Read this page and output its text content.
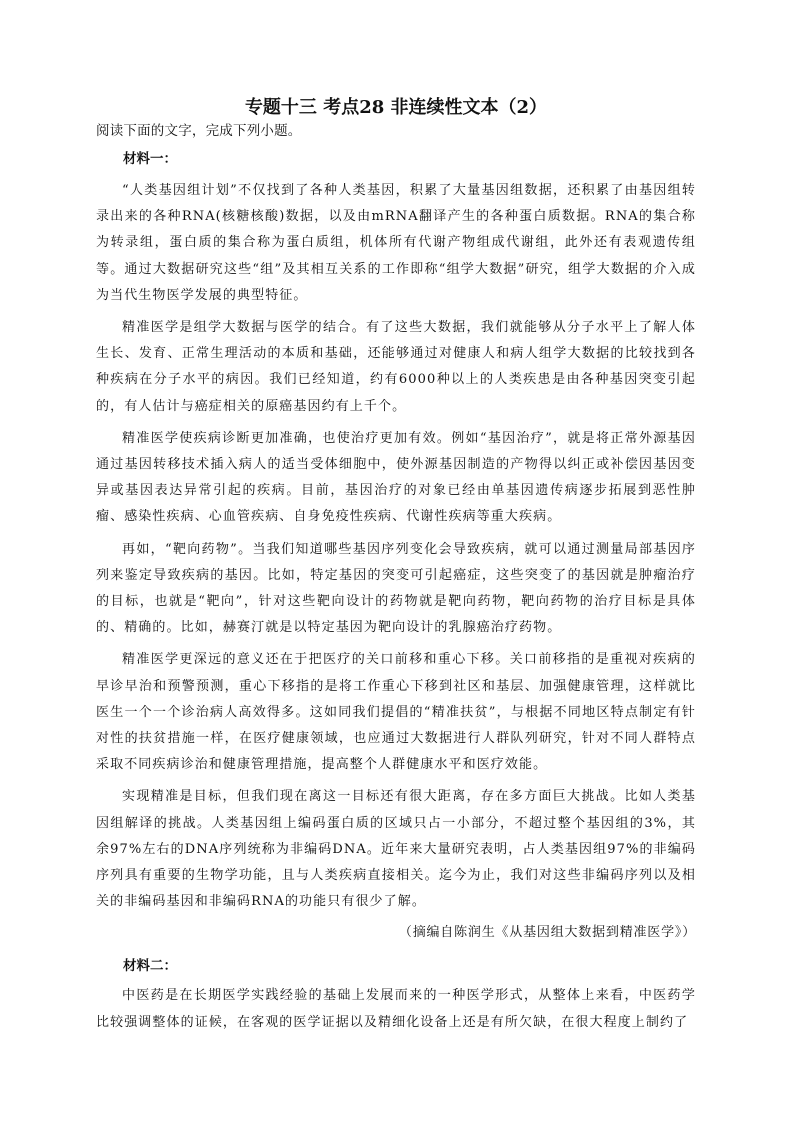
专题十三 考点28 非连续性文本（2）

阅读下面的文字，完成下列小题。

材料一：

“人类基因组计划”不仅找到了各种人类基因，积累了大量基因组数据，还积累了由基因组转录出来的各种RNA(核糖核酸)数据，以及由mRNA翻译产生的各种蛋白质数据。RNA的集合称为转录组，蛋白质的集合称为蛋白质组，机体所有代谢产物组成代谢组，此外还有表观遗传组等。通过大数据研究这些“组”及其相互关系的工作即称“组学大数据”研究，组学大数据的介入成为当代生物医学发展的典型特征。

精准医学是组学大数据与医学的结合。有了这些大数据，我们就能够从分子水平上了解人体生长、发育、正常生理活动的本质和基础，还能够通过对健康人和病人组学大数据的比较找到各种疾病在分子水平的病因。我们已经知道，约有6000种以上的人类疾患是由各种基因突变引起的，有人估计与癌症相关的原癌基因约有上千个。

精准医学使疾病诊断更加准确，也使治疗更加有效。例如“基因治疗”，就是将正常外源基因通过基因转移技术插入病人的适当受体细胞中，使外源基因制造的产物得以纠正或补偿因基因变异或基因表达异常引起的疾病。目前，基因治疗的对象已经由单基因遗传病逐步拓展到恶性肿瘤、感染性疾病、心血管疾病、自身免疫性疾病、代谢性疾病等重大疾病。

再如，“靶向药物”。当我们知道哪些基因序列变化会导致疾病，就可以通过测量局部基因序列来鉴定导致疾病的基因。比如，特定基因的突变可引起癌症，这些突变了的基因就是肿瘤治疗的目标，也就是“靶向”，针对这些靶向设计的药物就是靶向药物，靶向药物的治疗目标是具体的、精确的。比如，赫赛汀就是以特定基因为靶向设计的乳腺癌治疗药物。

精准医学更深远的意义还在于把医疗的关口前移和重心下移。关口前移指的是重视对疾病的早诊早治和预警预测，重心下移指的是将工作重心下移到社区和基层、加强健康管理，这样就比医生一个一个诊治病人高效得多。这如同我们提倡的“精准扶贫”，与根据不同地区特点制定有针对性的扶贫措施一样，在医疗健康领域，也应通过大数据进行人群队列研究，针对不同人群特点采取不同疾病诊治和健康管理措施，提高整个人群健康水平和医疗效能。

实现精准是目标，但我们现在离这一目标还有很大距离，存在多方面巨大挑战。比如人类基因组解译的挑战。人类基因组上编码蛋白质的区域只占一小部分，不超过整个基因组的3%，其余97%左右的DNA序列统称为非编码DNA。近年来大量研究表明，占人类基因组97%的非编码序列具有重要的生物学功能，且与人类疾病直接相关。迄今为止，我们对这些非编码序列以及相关的非编码基因和非编码RNA的功能只有很少了解。

（摘编自陈润生《从基因组大数据到精准医学》）

材料二：

中医药是在长期医学实践经验的基础上发展而来的一种医学形式，从整体上来看，中医药学比较强调整体的证候，在客观的医学证据以及精细化设备上还是有所欠缺，在很大程度上制约了
